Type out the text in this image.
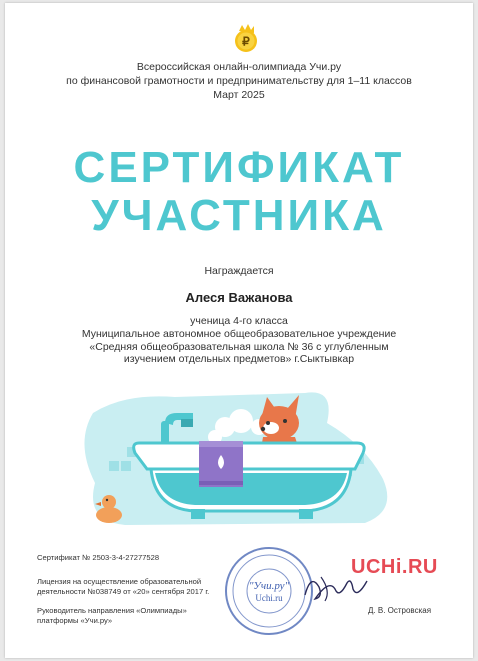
₽
Всероссийская онлайн-олимпиада Учи.ру
по финансовой грамотности и предпринимательству для 1–11 классов
Март 2025
СЕРТИФИКАТ
УЧАСТНИКА
Награждается
Алеся Важанова
ученица 4-го класса
Муниципальное автономное общеобразовательное учреждение
«Средняя общеобразовательная школа № 36 с углубленным
изучением отдельных предметов» г.Сыктывкар
Сертификат № 2503-3-4-27277528
Лицензия на осуществление образовательной
деятельности №038749 от «20» сентября 2017 г.
Руководитель направления «Олимпиады»
платформы «Учи.ру»
Д. В. Островская
"Учи.ру"
Uchi.ru
UCHi.RU
